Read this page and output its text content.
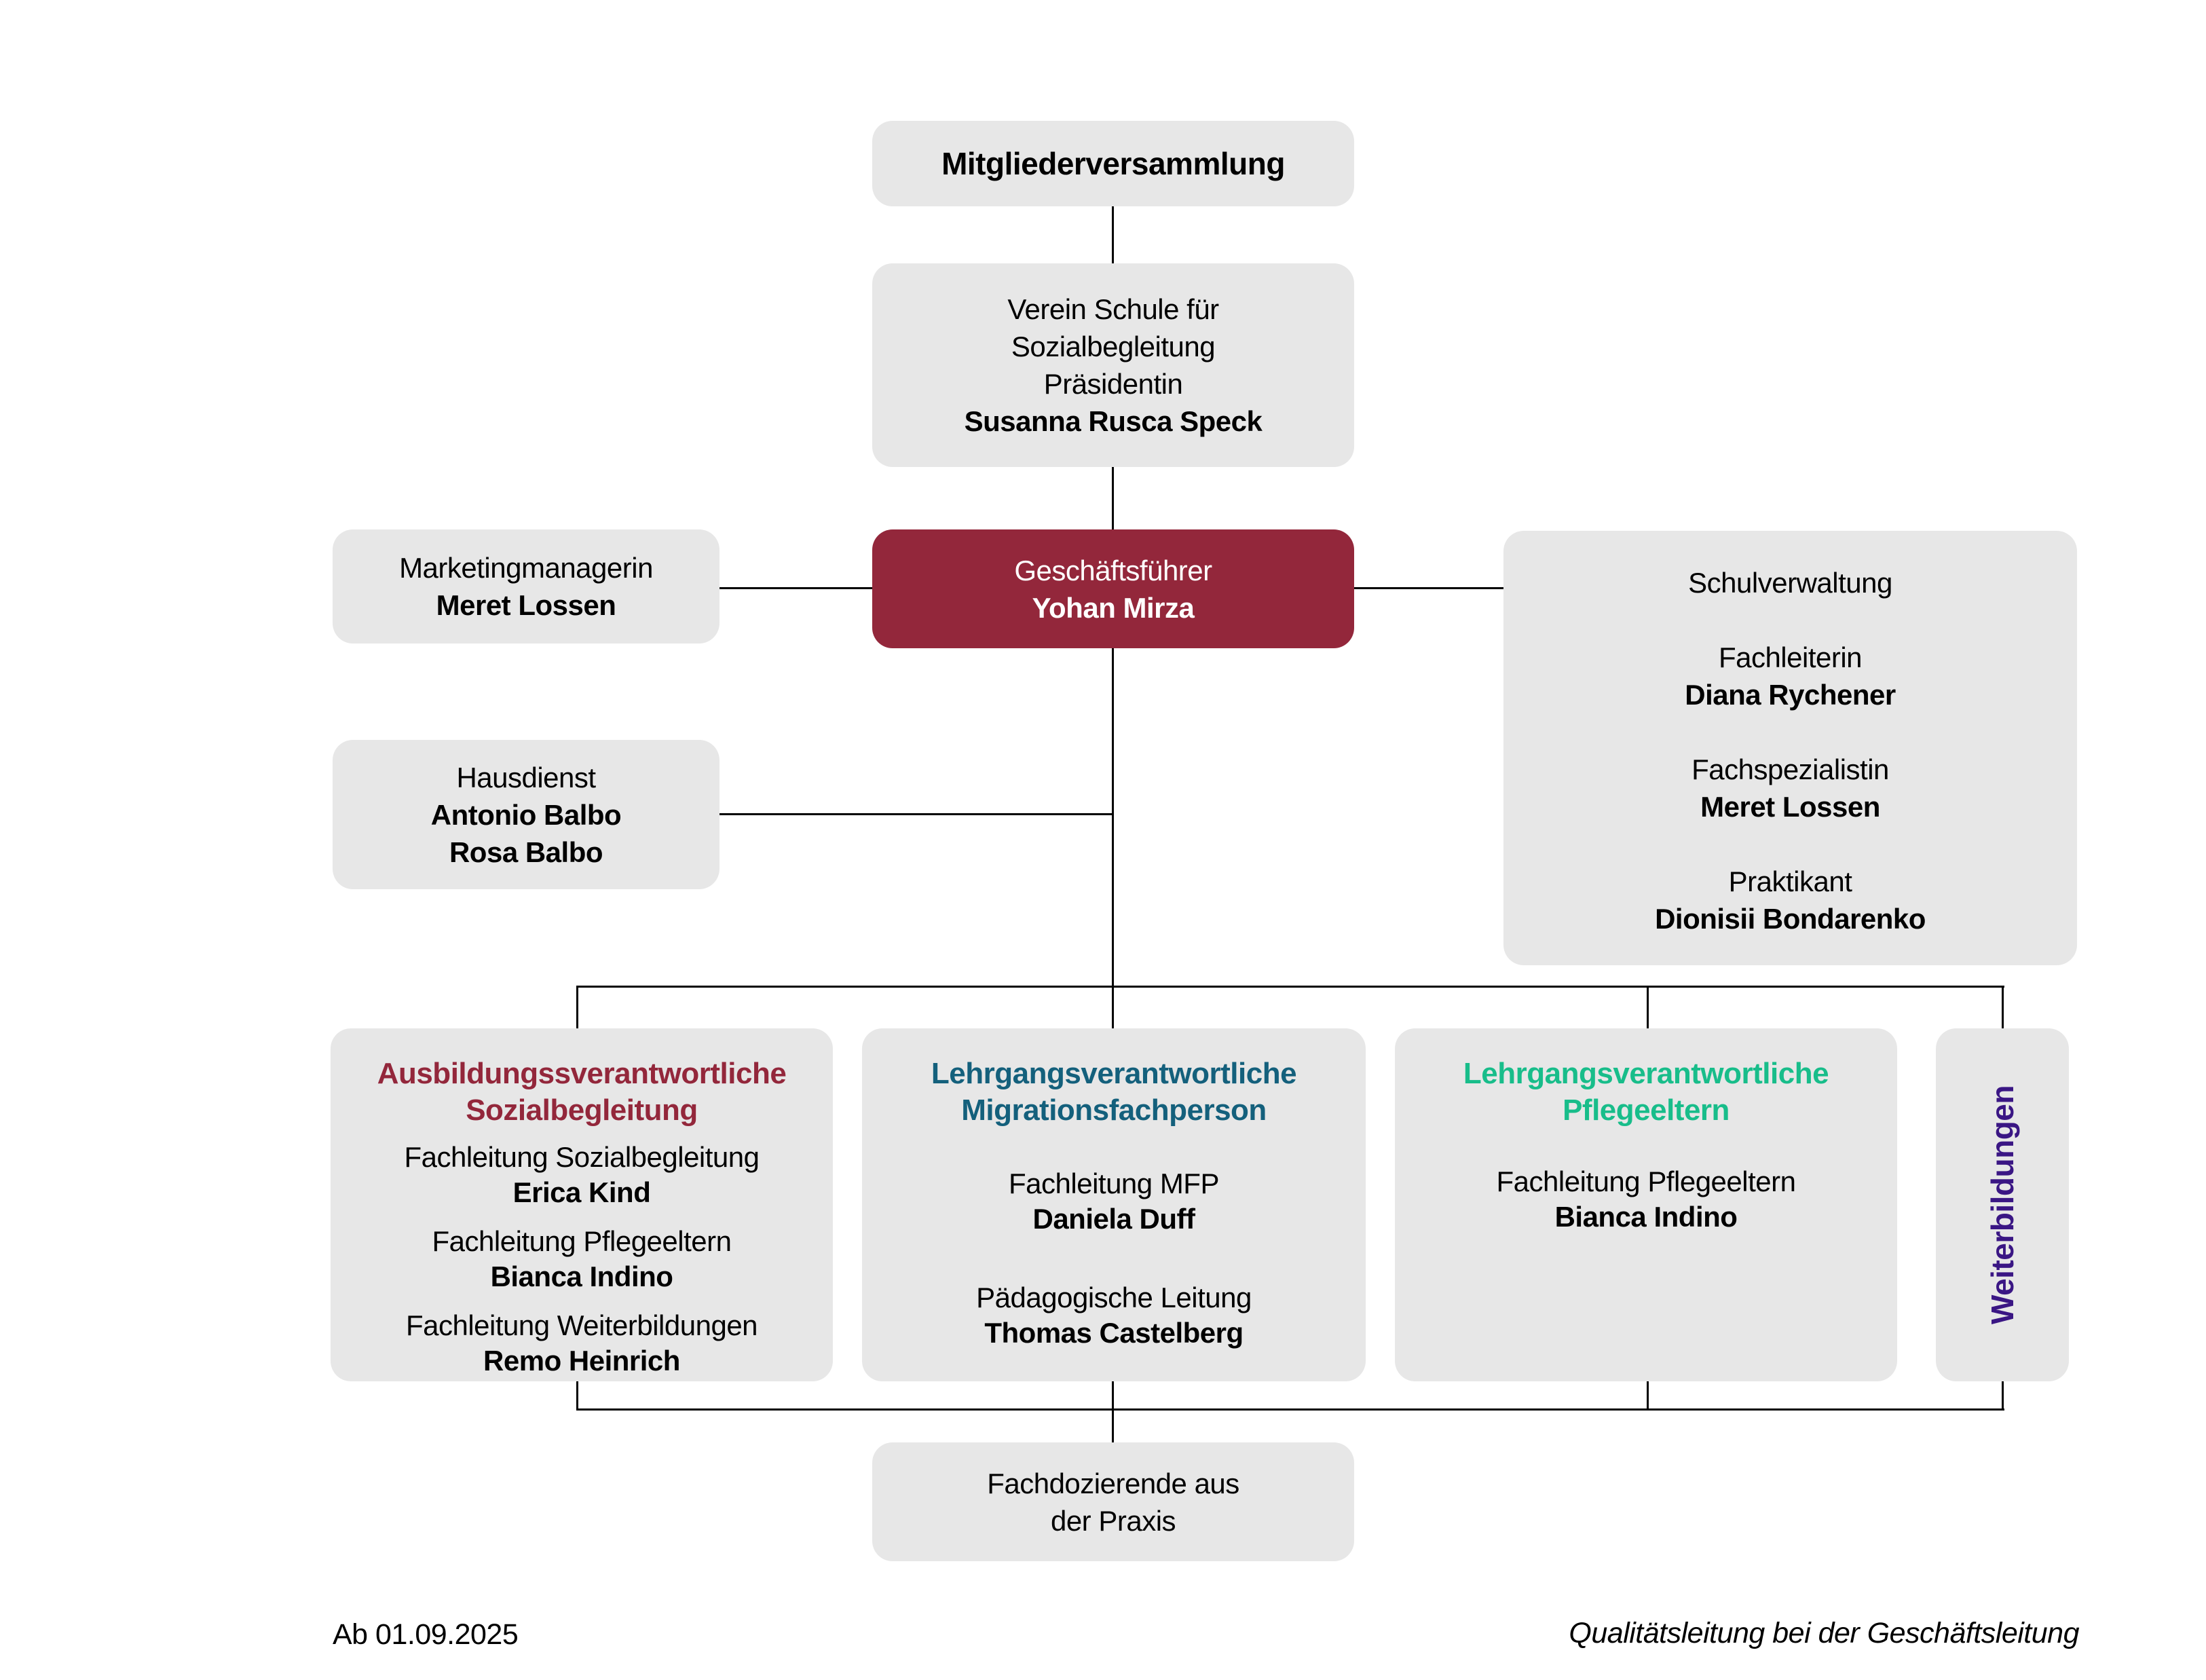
Mitgliederversammlung
Verein Schule für
Sozialbegleitung
Präsidentin
Susanna Rusca Speck
Geschäftsführer
Yohan Mirza
Marketingmanagerin
Meret Lossen
Hausdienst
Antonio Balbo
Rosa Balbo
Schulverwaltung
Fachleiterin
Diana Rychener
Fachspezialistin
Meret Lossen
Praktikant
Dionisii Bondarenko
Ausbildungssverantwortliche
Sozialbegleitung
Fachleitung Sozialbegleitung
Erica Kind
Fachleitung Pflegeeltern
Bianca Indino
Fachleitung Weiterbildungen
Remo Heinrich
Lehrgangsverantwortliche
Migrationsfachperson
Fachleitung MFP
Daniela Duff
Pädagogische Leitung
Thomas Castelberg
Lehrgangsverantwortliche
Pflegeeltern
Fachleitung Pflegeeltern
Bianca Indino	Weiterbildungen
Fachdozierende aus
der Praxis
Ab 01.09.2025	Qualitätsleitung bei der Geschäftsleitung
